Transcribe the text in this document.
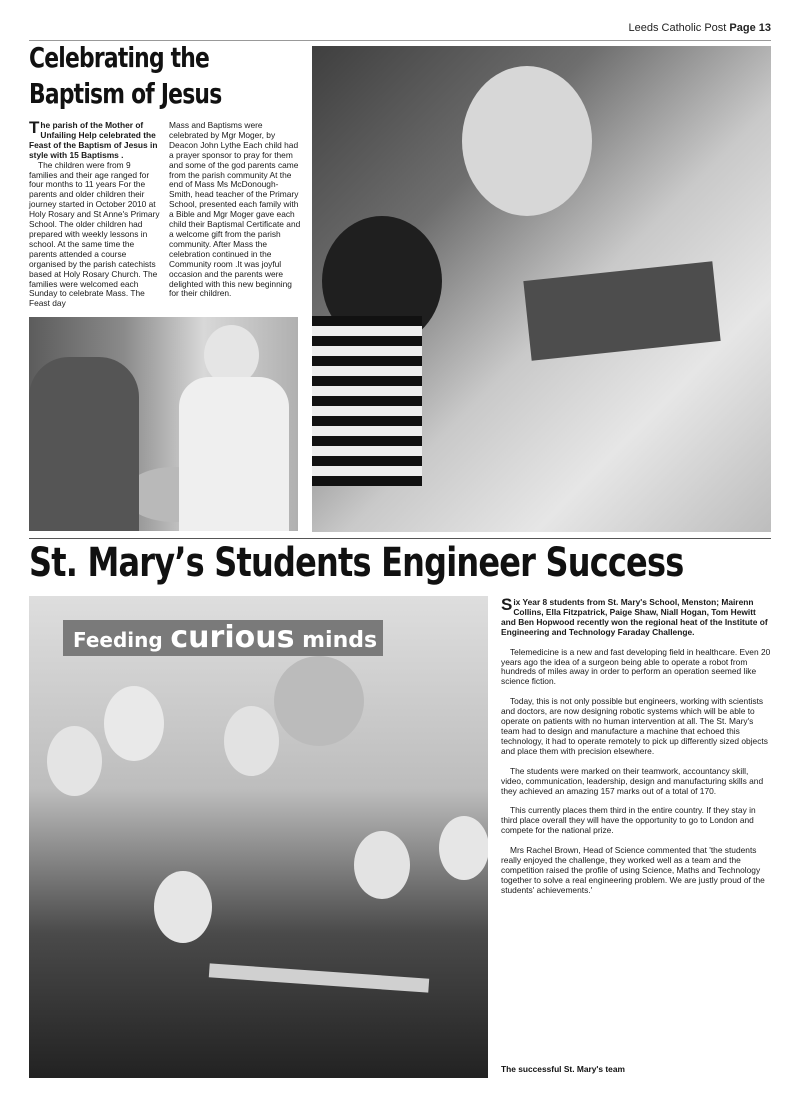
Leeds Catholic Post Page 13
Celebrating the
Baptism of Jesus

The parish of the Mother of Unfailing Help celebrated the Feast of the Baptism of Jesus in style with 15 Baptisms .

The children were from 9 families and their age ranged for four months to 11 years For the parents and older children their journey started in October 2010 at Holy Rosary and St Anne's Primary School. The older children had prepared with weekly lessons in school. At the same time the parents attended a course organised by the parish catechists based at Holy Rosary Church. The families were welcomed each Sunday to celebrate Mass. The Feast day

Mass and Baptisms were celebrated by Mgr Moger, by Deacon John Lythe Each child had a prayer sponsor to pray for them and some of the god parents came from the parish community At the end of Mass Ms McDonough-Smith, head teacher of the Primary School, presented each family with a Bible and Mgr Moger gave each child their Baptismal Certificate and a welcome gift from the parish community. After Mass the celebration continued in the Community room .It was joyful occasion and the parents were delighted with this new beginning for their children.

St. Mary’s Students Engineer Success
Feeding curious minds

Six Year 8 students from St. Mary's School, Menston; Mairenn Collins, Ella Fitzpatrick, Paige Shaw, Niall Hogan, Tom Hewitt and Ben Hopwood recently won the regional heat of the Institute of Engineering and Technology Faraday Challenge.

Telemedicine is a new and fast developing field in healthcare. Even 20 years ago the idea of a surgeon being able to operate a robot from hundreds of miles away in order to perform an operation seemed like science fiction.

Today, this is not only possible but engineers, working with scientists and doctors, are now designing robotic systems which will be able to operate on patients with no human intervention at all. The St. Mary's team had to design and manufacture a machine that echoed this technology, it had to operate remotely to pick up differently sized objects and place them with precision elsewhere.

The students were marked on their teamwork, accountancy skill, video, communication, leadership, design and manufacturing skills and they achieved an amazing 157 marks out of a total of 170.

This currently places them third in the entire country. If they stay in third place overall they will have the opportunity to go to London and compete for the national prize.

Mrs Rachel Brown, Head of Science commented that 'the students really enjoyed the challenge, they worked well as a team and the competition raised the profile of using Science, Maths and Technology together to solve a real engineering problem. We are justly proud of the students' achievements.'

The successful St. Mary's team
